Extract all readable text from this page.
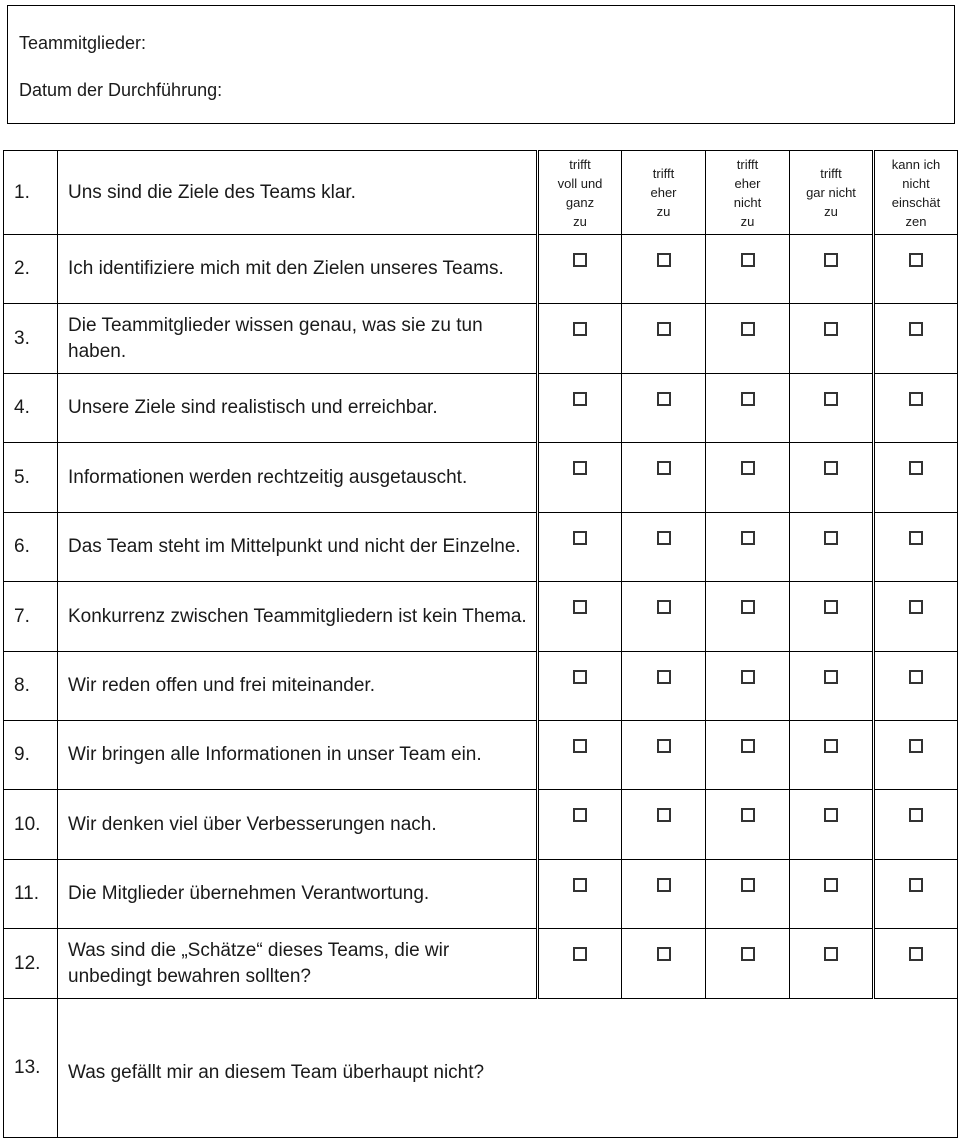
Teammitglieder:
Datum der Durchführung:
1.	Uns sind die Ziele des Teams klar.	trifft
voll und
ganz
zu	trifft
eher
zu	trifft
eher
nicht
zu	trifft
gar nicht
zu	kann ich
nicht
einschät
zen
2.	Ich identifiziere mich mit den Zielen unseres Teams.					
3.	Die Teammitglieder wissen genau, was sie zu tun haben.					
4.	Unsere Ziele sind realistisch und erreichbar.					
5.	Informationen werden rechtzeitig ausgetauscht.					
6.	Das Team steht im Mittelpunkt und nicht der Einzelne.					
7.	Konkurrenz zwischen Teammitgliedern ist kein Thema.					
8.	Wir reden offen und frei miteinander.					
9.	Wir bringen alle Informationen in unser Team ein.					
10.	Wir denken viel über Verbesserungen nach.					
11.	Die Mitglieder übernehmen Verantwortung.					
12.	Was sind die „Schätze“ dieses Teams, die wir unbedingt bewahren sollten?					
13.	Was gefällt mir an diesem Team überhaupt nicht?					
